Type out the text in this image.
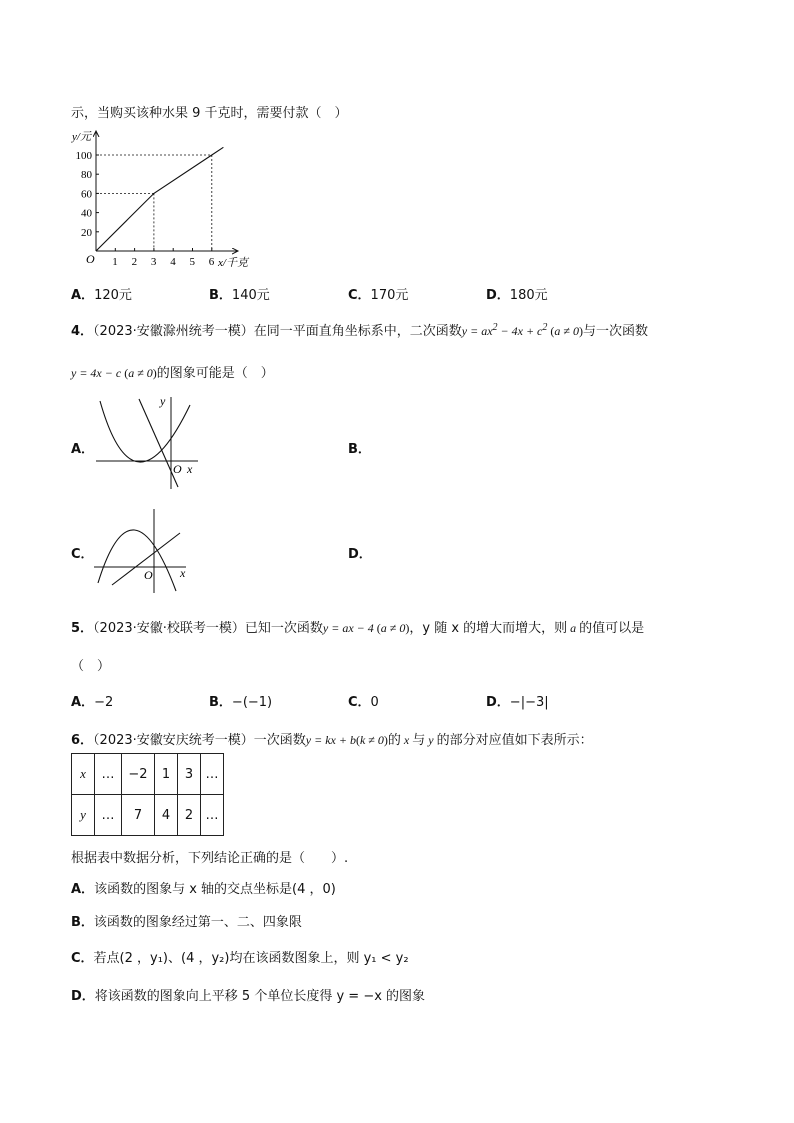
示，当购买该种水果 9 千克时，需要付款（　）
1 2 3 4 5 6
20
40
60
80
100
y/元
x/千克
O
A．120元	B．140元	C．170元	D．180元
4．（2023·安徽滁州统考一模）在同一平面直角坐标系中，二次函数$y = ax^2 - 4x + c^2$ (a ≠ 0)与一次函数
y = 4x − c (a ≠ 0)的图象可能是（　）
A．
y
O x
B．
C．
O x
D．
5．（2023·安徽·校联考一模）已知一次函数y = ax − 4 (a ≠ 0)，y 随 x 的增大而增大，则 a 的值可以是
（　）
A．−2	B．−(−1)	C．0	D．−|−3|
6．（2023·安徽安庆统考一模）一次函数y = kx + b(k ≠ 0)的 x 与 y 的部分对应值如下表所示：
x	…	−2	1	3	…
y	…	7	4	2	…
根据表中数据分析，下列结论正确的是（　　）.
A．该函数的图象与 x 轴的交点坐标是(4 ，0)
B．该函数的图象经过第一、二、四象限
C．若点(2 ，y₁)、(4 ，y₂)均在该函数图象上，则 y₁ < y₂
D．将该函数的图象向上平移 5 个单位长度得 y = −x 的图象
